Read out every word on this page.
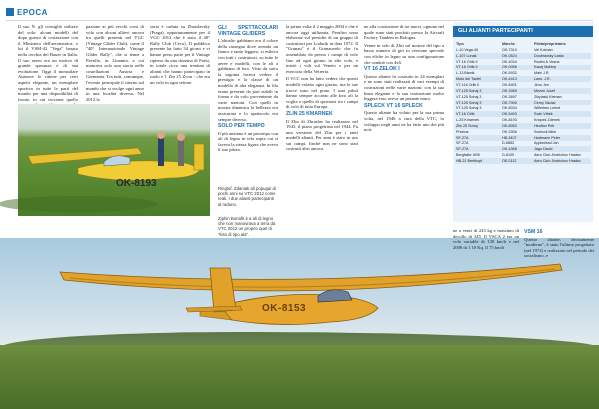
EPOCA

Il suo N. gli consigliò utilizzo del volo: alcuni modelli del dopo guerra di costruzione con il Ministero dell'aeronautica, e lui il VSM-42 "Vega" basato nella cerchia del Bauer in Italia. Il suo aereo era un motivo di grande speranza e di sua evoluzione. Oggi il monoalare Antonov lo ritiene per certi aspetti elegante, un esemplare sportivo in tutte le parti del mondo per una disponibilità di fronte, in cui trovarne quello

pazione ai più vecchi corsi di volo con alcuni allievi ancora tra quelli presenti nel VGC (Vintage Glider Club), come il "40° Internazionale Vintage Glider Rally", che si tenne a Pavullo, in Lituania, a cui mancava solo una storia nelle costellazioni Austria e Germania. Tra tutti, comunque, l'evento principale il ritorno sul mondo che si svolge ogni anno in una località diversa. Nel 2012 la

sorta è caduta su Zbraslavsky (Praga), opportunamente per il VGC 2012 che è stato il 40° Rally Club (Ceco). Il pubblico presente ha fatto 34 giorni e vi hanno preso parte per il Vintage ripieno da una dozzina di Paesi, in totale circa una trentina di alianti che hanno partecipato in ruolo e 1 Zin 25 Zvon - che era un volo in ogni settore.

OK-8193	Ringtuf. Zdaniak ali popugai di pochi anni su VTC 2012 come reali. I due alianti partecipanti al raduno.
Ziphin Bonafit è a ali di legno che non manovrava a terra da VTC 2012 un proprio quel di "kiss di tipo ala".
GLI SPETTACOLARI VINTAGE GLIDERS

L'altoalto gabbiano era il colore della rassegna dove avendo un fianco e tanto leggero, si esibiva con tutti i costruttori, su tutte le aeree e modelli, con le ali a gabbiano di loro. Visto da sotto la sagoma faceva vedere il prestigio e la classe di un modello di alta eleganza. In fila erano presenti da pari stabili in forma e da volo proveniente da varie nazioni. Con quelli in mostra dinamica la bellezza era assicurata e lo spettacolo era sempre diverso.

SOLO PER TEMPO

Il più anziano è un prototipo con ali di legno in tela sopra cui si faceva la stessa figura che aveva il suo pilota.

la prima volta il 2 maggio 2004 e che è ancora oggi utilizzata. Peraltro sono elaborate sul presidio di un gruppo di costruttori per Lodarik in data 1972. Il "Grunau" è il Grunauvelo che fu assemblato da presso i campi di volo fino ad ogni giorno in alto volo, e iniziò i voli sul Veneto e per un esercizio della Vetreria.

Il VCC non ha fatto vedere che questi modelli volano ogni giorno, ma le sue tracce sono nel prato. I suoi piloti hanno sempre accanto alle loro ali la voglia e quello di spostarsi tra i campi di volo di tutta Europa.

ZLIN 25 KMARNEK

Il Zlin di Zbraslav ha realizzato nel 1943, il piano progettista nel 1944. Fu una versione del Zlin per i tanti modelli alianti. Per anni è stato in uso sui campi, finché non ne sono stati costruiti altri ancora.

ne alla costruzione di tre nuovi, ognuno nel quale sono stati prodotti presso la Aircraft Factory Tandem in Bologna.

Venne in solo di Zlin sul motore del tipo a basso numero di giri in versione speciale con eliche in legno su una configurazione che cambiò con 4x6.

VT 16 ZELOK I

Questo aliante fu costruito in 24 esemplari e ne sono stati realizzati di vari esempi di costruzioni nelle varie nazioni; con la sua linea elegante e la sua costruzione molto leggera esso aveva un pesante muro.

SPLECK VT 16 SPLECK

Questo aliante ha volato per la sua prima volta, nel 1946 a cura della VTC; lo sviluppo negli anni ne ha fatto uno dei più noti.

ne a venti di 243 kg e massimo di decollo di 345. Il VSCA 2 era un volo variable di 130 km/h e nel 2008 di 1 10 Kq. Il 75 km/h

VSM 16

Questo aliante, decisamente "moderno", è stato l'ultimo progettato (nel 1972) e realizzato nel periodo dei socialismo, e

GLI ALIANTI PARTECIPANTI
Tipo	Marche	Pilota/proprietario
L-10 Vega-40	OK-7010	Vel Kolman
L-107 Lunak	OK-0524	Doubravsky Lasta
VT-16 Orlik II	OK-4034	Radim & Vesna
VT-16 Orlik II	OK-0056	Kacej Mahley
L-13 Blanik	OK-5932	Mahl J.R.
Moto del Taufel	OK-4413	Lans. J.R.
VT-116 Orlik II	OK-8401	Jinro Jen
VT-125 Sohaj 3	OK-3069	Mezen Josef
VT-125 Sohaj 3	OK-3697	Zikylaski Kleman
VT-125 Sohaj 3	OK-7000	Cerny Vaclav
VT-125 Sohaj 3	OK-8034	Willerkes Luhed
VT-16 Orlik	OK-5403	Svah Vittek
L-25 Kmarnek	OK-8193	Knopek Zdenek
Zlin 25 Sohaj	OK-8053	Heuflon Petr
Phobus	OK-3306	Svobodi Mike
SF-27A	HB-3407	Hartmann Peter
SF-27A	D-6883	Appledead Jan
SF-27A	OK-4368	Jago David
Bergfalke II/55	D-8100	Aero Club Jindrichuv Hradec
HB-21 Breitkopf	OE-0112	Aero Club Jindrichuv Hradec
OK-8153
